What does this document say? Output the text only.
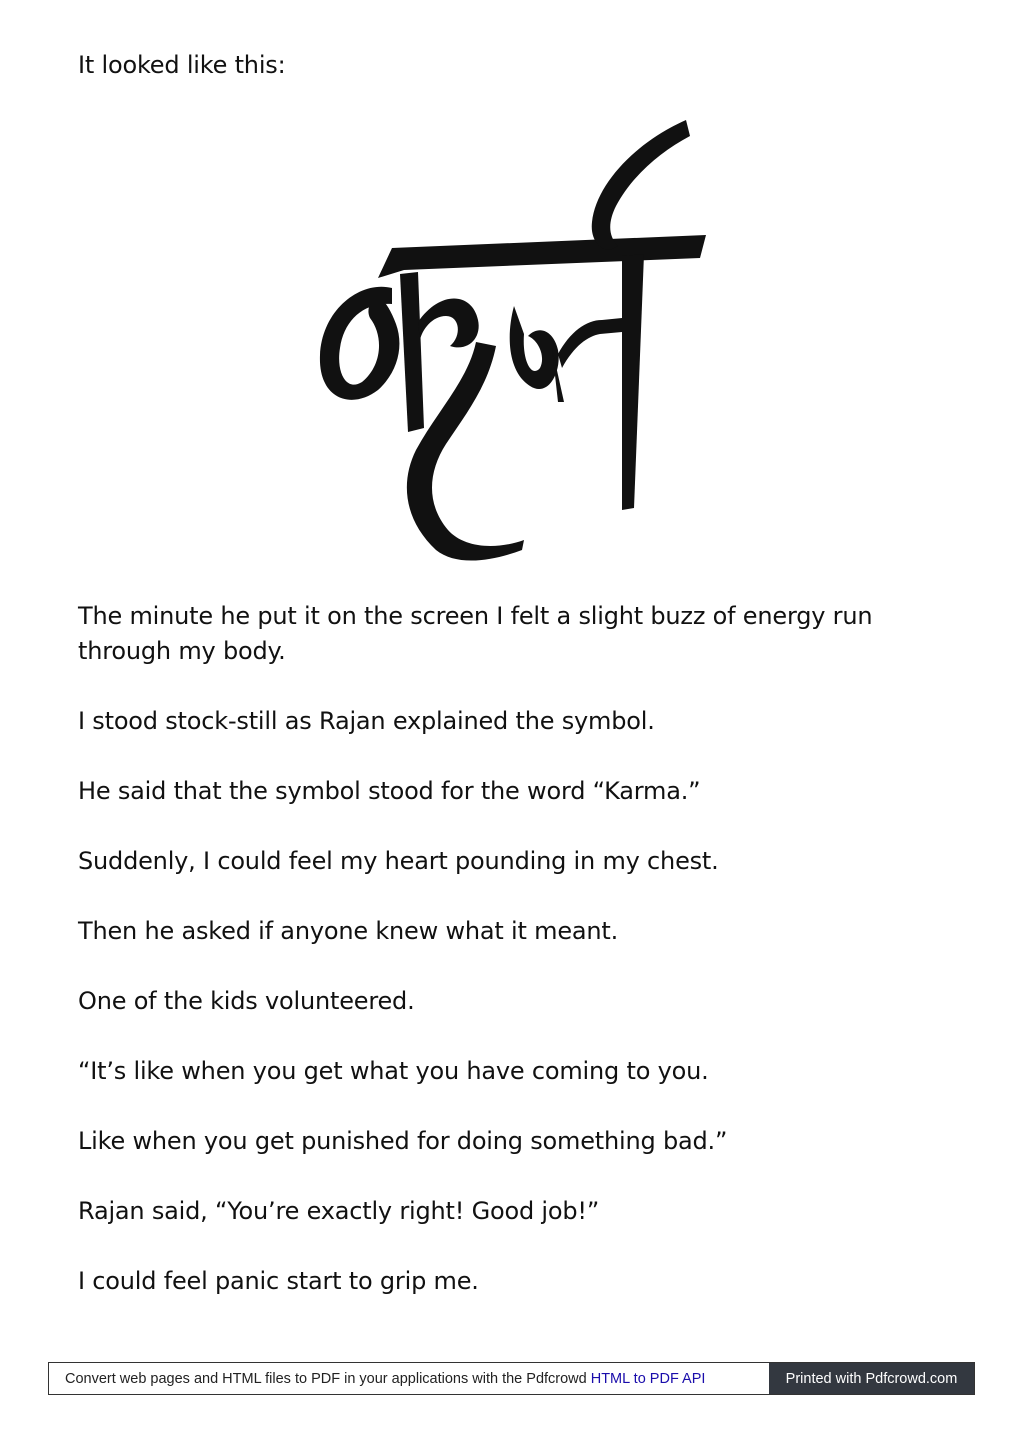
It looked like this:

The minute he put it on the screen I felt a slight buzz of energy run through my body.

I stood stock-still as Rajan explained the symbol.

He said that the symbol stood for the word “Karma.”

Suddenly, I could feel my heart pounding in my chest.

Then he asked if anyone knew what it meant.

One of the kids volunteered.

“It’s like when you get what you have coming to you.

Like when you get punished for doing something bad.”

Rajan said, “You’re exactly right! Good job!”

I could feel panic start to grip me.

Convert web pages and HTML files to PDF in your applications with the Pdfcrowd HTML to PDF API	Printed with Pdfcrowd.com
